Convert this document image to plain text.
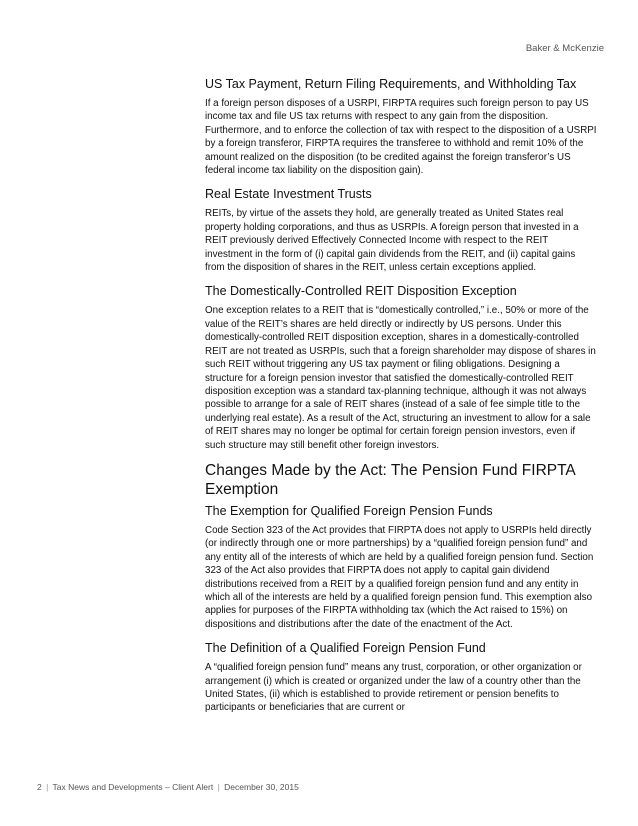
Baker & McKenzie
US Tax Payment, Return Filing Requirements, and Withholding Tax

If a foreign person disposes of a USRPI, FIRPTA requires such foreign person to pay US income tax and file US tax returns with respect to any gain from the disposition. Furthermore, and to enforce the collection of tax with respect to the disposition of a USRPI by a foreign transferor, FIRPTA requires the transferee to withhold and remit 10% of the amount realized on the disposition (to be credited against the foreign transferor’s US federal income tax liability on the disposition gain).

Real Estate Investment Trusts

REITs, by virtue of the assets they hold, are generally treated as United States real property holding corporations, and thus as USRPIs. A foreign person that invested in a REIT previously derived Effectively Connected Income with respect to the REIT investment in the form of (i) capital gain dividends from the REIT, and (ii) capital gains from the disposition of shares in the REIT, unless certain exceptions applied.

The Domestically-Controlled REIT Disposition Exception

One exception relates to a REIT that is “domestically controlled,” i.e., 50% or more of the value of the REIT’s shares are held directly or indirectly by US persons. Under this domestically-controlled REIT disposition exception, shares in a domestically-controlled REIT are not treated as USRPIs, such that a foreign shareholder may dispose of shares in such REIT without triggering any US tax payment or filing obligations. Designing a structure for a foreign pension investor that satisfied the domestically-controlled REIT disposition exception was a standard tax-planning technique, although it was not always possible to arrange for a sale of REIT shares (instead of a sale of fee simple title to the underlying real estate). As a result of the Act, structuring an investment to allow for a sale of REIT shares may no longer be optimal for certain foreign pension investors, even if such structure may still benefit other foreign investors.

Changes Made by the Act: The Pension Fund FIRPTA Exemption
The Exemption for Qualified Foreign Pension Funds

Code Section 323 of the Act provides that FIRPTA does not apply to USRPIs held directly (or indirectly through one or more partnerships) by a “qualified foreign pension fund” and any entity all of the interests of which are held by a qualified foreign pension fund. Section 323 of the Act also provides that FIRPTA does not apply to capital gain dividend distributions received from a REIT by a qualified foreign pension fund and any entity in which all of the interests are held by a qualified foreign pension fund. This exemption also applies for purposes of the FIRPTA withholding tax (which the Act raised to 15%) on dispositions and distributions after the date of the enactment of the Act.

The Definition of a Qualified Foreign Pension Fund

A “qualified foreign pension fund” means any trust, corporation, or other organization or arrangement (i) which is created or organized under the law of a country other than the United States, (ii) which is established to provide retirement or pension benefits to participants or beneficiaries that are current or

2 | Tax News and Developments – Client Alert | December 30, 2015
